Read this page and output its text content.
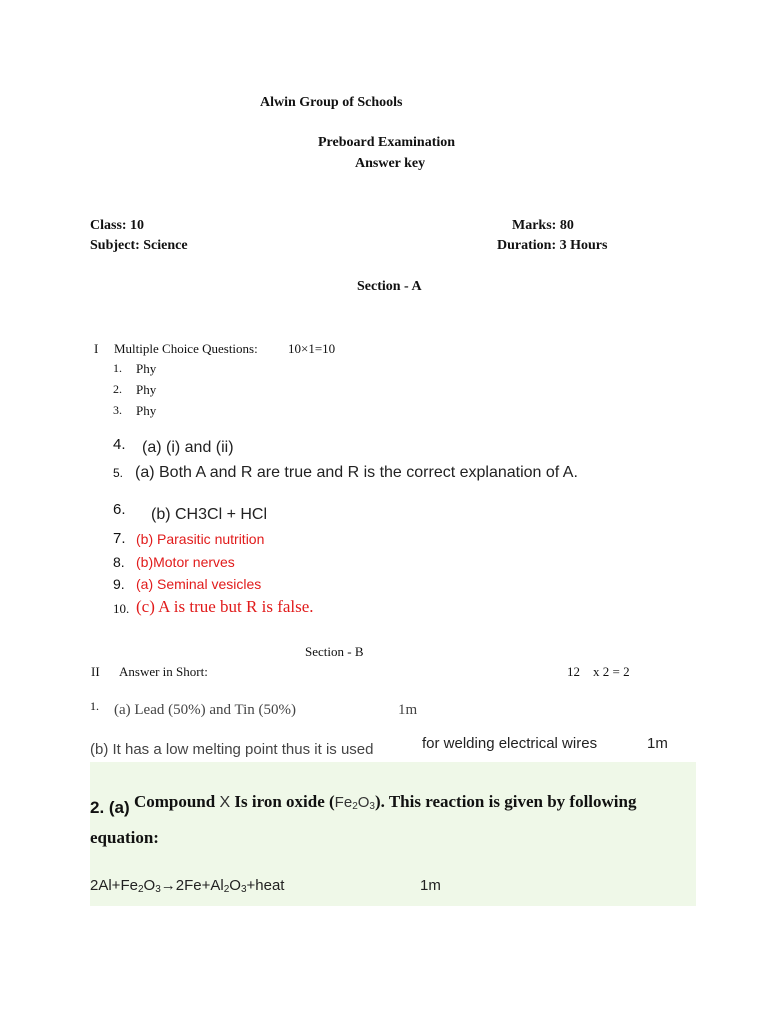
Alwin Group of Schools
Preboard Examination
Answer key
Class: 10	Marks: 80
Subject: Science	Duration: 3 Hours
Section - A
I Multiple Choice Questions: 10×1=10
1. Phy
2. Phy
3. Phy
4. (a) (i) and (ii)
5. (a) Both A and R are true and R is the correct explanation of A.
6. (b) CH3Cl + HCl
7. (b) Parasitic nutrition
8. (b)Motor nerves
9. (a) Seminal vesicles
10. (c) A is true but R is false.
Section - B
II Answer in Short:	12 x 2 = 2
1. (a) Lead (50%) and Tin (50%)	1m
(b) It has a low melting point thus it is used	for welding electrical wires	1m
2. (a) Compound X Is iron oxide $(Fe_2O_3)$. This reaction is given by following
equation:
$2Al+Fe_2O_3\to 2Fe+Al_2O_3+heat$	1m
